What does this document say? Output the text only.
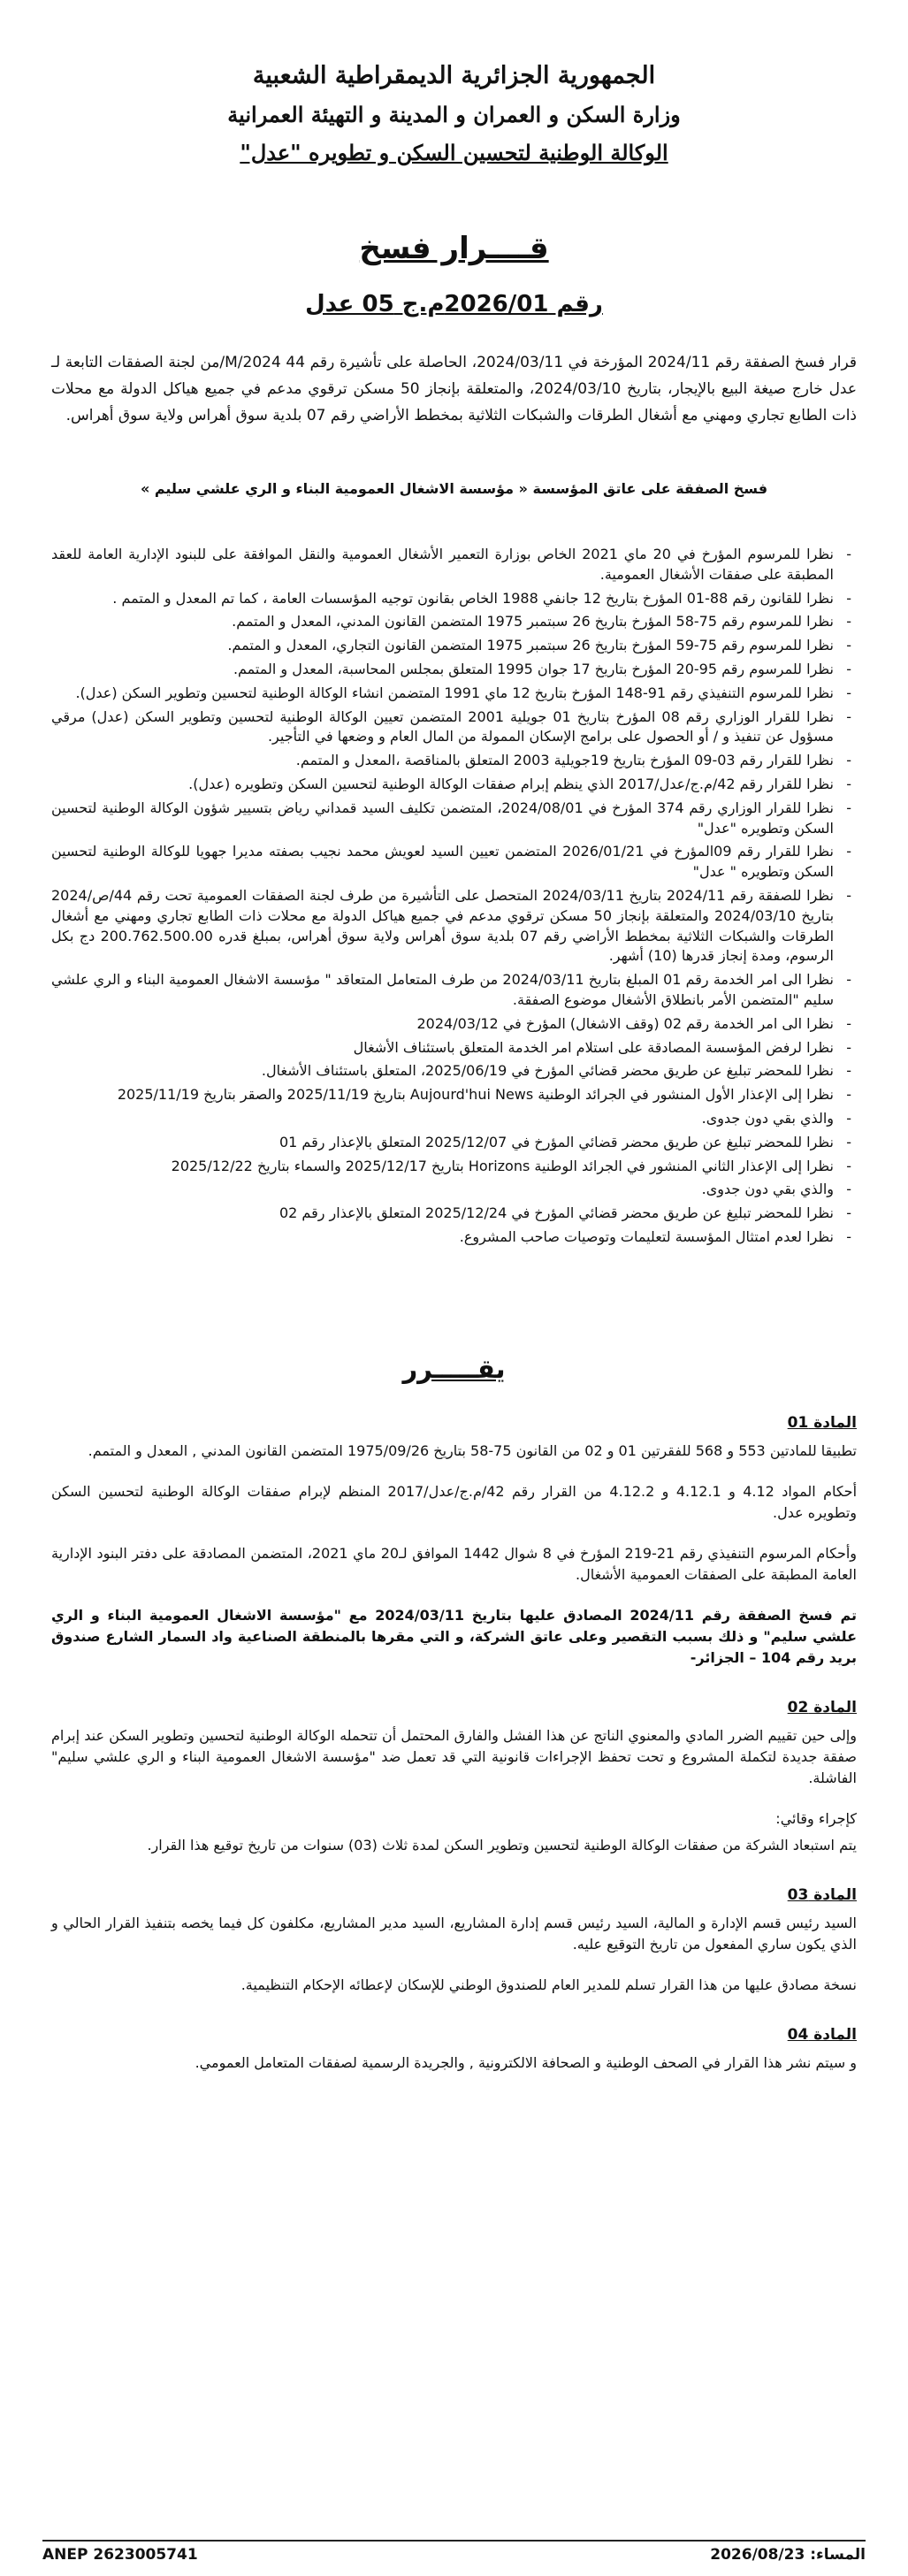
الجمهورية الجزائرية الديمقراطية الشعبية
وزارة السكن و العمران و المدينة و التهيئة العمرانية
الوكالة الوطنية لتحسين السكن و تطويره "عدل"
قــــرار فسخ
رقم 2026/01م.ج 05 عدل

قرار فسخ الصفقة رقم 2024/11 المؤرخة في 2024/03/11، الحاصلة على تأشيرة رقم 44 M/2024/من لجنة الصفقات التابعة لـ عدل خارج صيغة البيع بالإيجار، بتاريخ 2024/03/10، والمتعلقة بإنجاز 50 مسكن ترقوي مدعم في جميع هياكل الدولة مع محلات ذات الطابع تجاري ومهني مع أشغال الطرقات والشبكات الثلاثية بمخطط الأراضي رقم 07 بلدية سوق أهراس ولاية سوق أهراس.

فسخ الصفقة على عاتق المؤسسة « مؤسسة الاشغال العمومية البناء و الري علشي سليم »

- نظرا للمرسوم المؤرخ في 20 ماي 2021 الخاص بوزارة التعمير الأشغال العمومية والنقل الموافقة على للبنود الإدارية العامة للعقد المطبقة على صفقات الأشغال العمومية.
- نظرا للقانون رقم 88-01 المؤرخ بتاريخ 12 جانفي 1988 الخاص بقانون توجيه المؤسسات العامة ، كما تم المعدل و المتمم .
- نظرا للمرسوم رقم 75-58 المؤرخ بتاريخ 26 سبتمبر 1975 المتضمن القانون المدني، المعدل و المتمم.
- نظرا للمرسوم رقم 75-59 المؤرخ بتاريخ 26 سبتمبر 1975 المتضمن القانون التجاري، المعدل و المتمم.
- نظرا للمرسوم رقم 95-20 المؤرخ بتاريخ 17 جوان 1995 المتعلق بمجلس المحاسبة، المعدل و المتمم.
- نظرا للمرسوم التنفيذي رقم 91-148 المؤرخ بتاريخ 12 ماي 1991 المتضمن انشاء الوكالة الوطنية لتحسين وتطوير السكن (عدل).
- نظرا للقرار الوزاري رقم 08 المؤرخ بتاريخ 01 جويلية 2001 المتضمن تعيين الوكالة الوطنية لتحسين وتطوير السكن (عدل) مرقي مسؤول عن تنفيذ و / أو الحصول على برامج الإسكان الممولة من المال العام و وضعها في التأجير.
- نظرا للقرار رقم 03-09 المؤرخ بتاريخ 19جويلية 2003 المتعلق بالمناقصة ،المعدل و المتمم.
- نظرا للقرار رقم 42/م.ج/عدل/2017 الذي ينظم إبرام صفقات الوكالة الوطنية لتحسين السكن وتطويره (عدل).
- نظرا للقرار الوزاري رقم 374 المؤرخ في 2024/08/01، المتضمن تكليف السيد قمداني رياض بتسيير شؤون الوكالة الوطنية لتحسين السكن وتطويره "عدل"
- نظرا للقرار رقم 09المؤرخ في 2026/01/21 المتضمن تعيين السيد لعويش محمد نجيب بصفته مديرا جهويا للوكالة الوطنية لتحسين السكن وتطويره " عدل"
- نظرا للصفقة رقم 2024/11 بتاريخ 2024/03/11 المتحصل على التأشيرة من طرف لجنة الصفقات العمومية تحت رقم 44/ص/2024 بتاريخ 2024/03/10 والمتعلقة بإنجاز 50 مسكن ترقوي مدعم في جميع هياكل الدولة مع محلات ذات الطابع تجاري ومهني مع أشغال الطرقات والشبكات الثلاثية بمخطط الأراضي رقم 07 بلدية سوق أهراس ولاية سوق أهراس، بمبلغ قدره 200.762.500.00 دج بكل الرسوم، ومدة إنجاز قدرها (10) أشهر.
- نظرا الى امر الخدمة رقم 01 المبلغ بتاريخ 2024/03/11 من طرف المتعامل المتعاقد " مؤسسة الاشغال العمومية البناء و الري علشي سليم "المتضمن الأمر بانطلاق الأشغال موضوع الصفقة.
- نظرا الى امر الخدمة رقم 02 (وقف الاشغال) المؤرخ في 2024/03/12
- نظرا لرفض المؤسسة المصادقة على استلام امر الخدمة المتعلق باستئناف الأشغال
- نظرا للمحضر تبليغ عن طريق محضر قضائي المؤرخ في 2025/06/19، المتعلق باستئناف الأشغال.
- نظرا إلى الإعذار الأول المنشور في الجرائد الوطنية Aujourd'hui News بتاريخ 2025/11/19 والصقر بتاريخ 2025/11/19
- والذي بقي دون جدوى.
- نظرا للمحضر تبليغ عن طريق محضر قضائي المؤرخ في 2025/12/07 المتعلق بالإعذار رقم 01
- نظرا إلى الإعذار الثاني المنشور في الجرائد الوطنية Horizons بتاريخ 2025/12/17 والسماء بتاريخ 2025/12/22
- والذي بقي دون جدوى.
- نظرا للمحضر تبليغ عن طريق محضر قضائي المؤرخ في 2025/12/24 المتعلق بالإعذار رقم 02
- نظرا لعدم امتثال المؤسسة لتعليمات وتوصيات صاحب المشروع.
يقـــــرر
المادة 01

تطبيقا للمادتين 553 و 568 للفقرتين 01 و 02 من القانون 75-58 بتاريخ 1975/09/26 المتضمن القانون المدني , المعدل و المتمم.

أحكام المواد 4.12 و 4.12.1 و 4.12.2 من القرار رقم 42/م.ج/عدل/2017 المنظم لإبرام صفقات الوكالة الوطنية لتحسين السكن وتطويره عدل.

وأحكام المرسوم التنفيذي رقم 21-219 المؤرخ في 8 شوال 1442 الموافق لـ20 ماي 2021، المتضمن المصادقة على دفتر البنود الإدارية العامة المطبقة على الصفقات العمومية الأشغال.

تم فسخ الصفقة رقم 2024/11 المصادق عليها بتاريخ 2024/03/11 مع "مؤسسة الاشغال العمومية البناء و الري علشي سليم" و ذلك بسبب التقصير وعلى عاتق الشركة، و التي مقرها بالمنطقة الصناعية واد السمار الشارع صندوق بريد رقم 104 – الجزائر-

المادة 02

وإلى حين تقييم الضرر المادي والمعنوي الناتج عن هذا الفشل والفارق المحتمل أن تتحمله الوكالة الوطنية لتحسين وتطوير السكن عند إبرام صفقة جديدة لتكملة المشروع و تحت تحفظ الإجراءات قانونية التي قد تعمل ضد "مؤسسة الاشغال العمومية البناء و الري علشي سليم" الفاشلة.

كإجراء وقائي:

يتم استبعاد الشركة من صفقات الوكالة الوطنية لتحسين وتطوير السكن لمدة ثلاث (03) سنوات من تاريخ توقيع هذا القرار.

المادة 03

السيد رئيس قسم الإدارة و المالية، السيد رئيس قسم إدارة المشاريع، السيد مدير المشاريع، مكلفون كل فيما يخصه بتنفيذ القرار الحالي و الذي يكون ساري المفعول من تاريخ التوقيع عليه.

نسخة مصادق عليها من هذا القرار تسلم للمدير العام للصندوق الوطني للإسكان لإعطائه الإحكام التنظيمية.

المادة 04

و سيتم نشر هذا القرار في الصحف الوطنية و الصحافة الالكترونية , والجريدة الرسمية لصفقات المتعامل العمومي.

ANEP 2623005741	المساء: 2026/08/23
